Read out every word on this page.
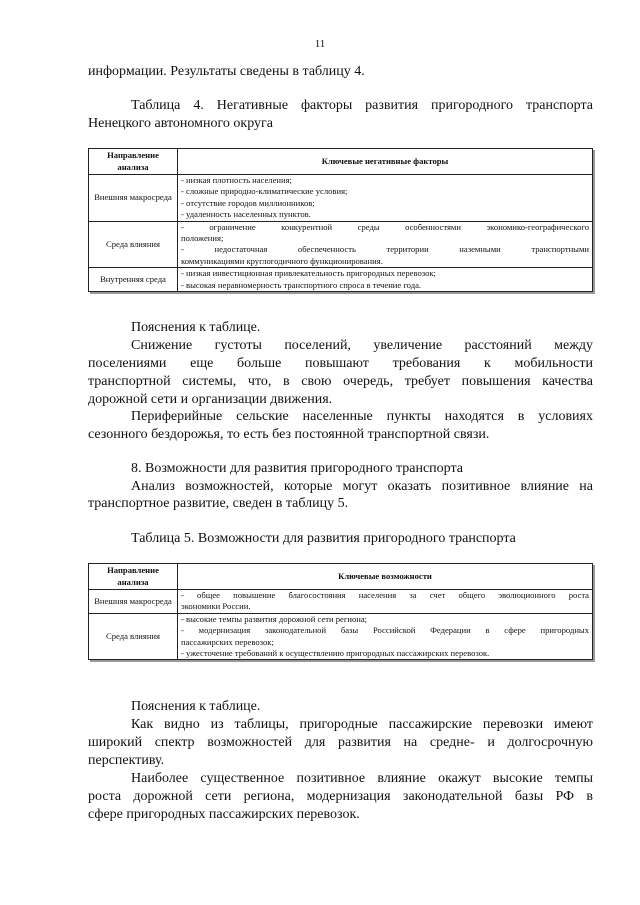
11
информации. Результаты сведены в таблицу 4.
Таблица 4. Негативные факторы развития пригородного транспорта
Ненецкого автономного округа
Направление анализа	Ключевые негативные факторы
Внешняя макросреда	- низкая плотность населения;
- сложные природно-климатические условия;
- отсутствие городов миллионников;
- удаленность населенных пунктов.

Среда влияния	- ограничение конкурентной среды особенностями экономико-географического
положения;
- недостаточная обеспеченность территории наземными транспортными
коммуникациями круглогодичного функционирования.

Внутренняя среда	- низкая инвестиционная привлекательность пригородных перевозок;
- высокая неравномерность транспортного спроса в течение года.
Пояснения к таблице.
Снижение густоты поселений, увеличение расстояний между
поселениями еще больше повышают требования к мобильности
транспортной системы, что, в свою очередь, требует повышения качества
дорожной сети и организации движения.
Периферийные сельские населенные пункты находятся в условиях
сезонного бездорожья, то есть без постоянной транспортной связи.
8. Возможности для развития пригородного транспорта
Анализ возможностей, которые могут оказать позитивное влияние на
транспортное развитие, сведен в таблицу 5.
Таблица 5. Возможности для развития пригородного транспорта
Направление анализа	Ключевые возможности
Внешняя макросреда	- общее повышение благосостояния населения за счет общего эволюционного роста
экономики России.

Среда влияния	- высокие темпы развития дорожной сети региона;
- модернизация законодательной базы Российской Федерации в сфере пригородных
пассажирских перевозок;
- ужесточение требований к осуществлению пригородных пассажирских перевозок.
Пояснения к таблице.
Как видно из таблицы, пригородные пассажирские перевозки имеют
широкий спектр возможностей для развития на средне- и долгосрочную
перспективу.
Наиболее существенное позитивное влияние окажут высокие темпы
роста дорожной сети региона, модернизация законодательной базы РФ в
сфере пригородных пассажирских перевозок.
